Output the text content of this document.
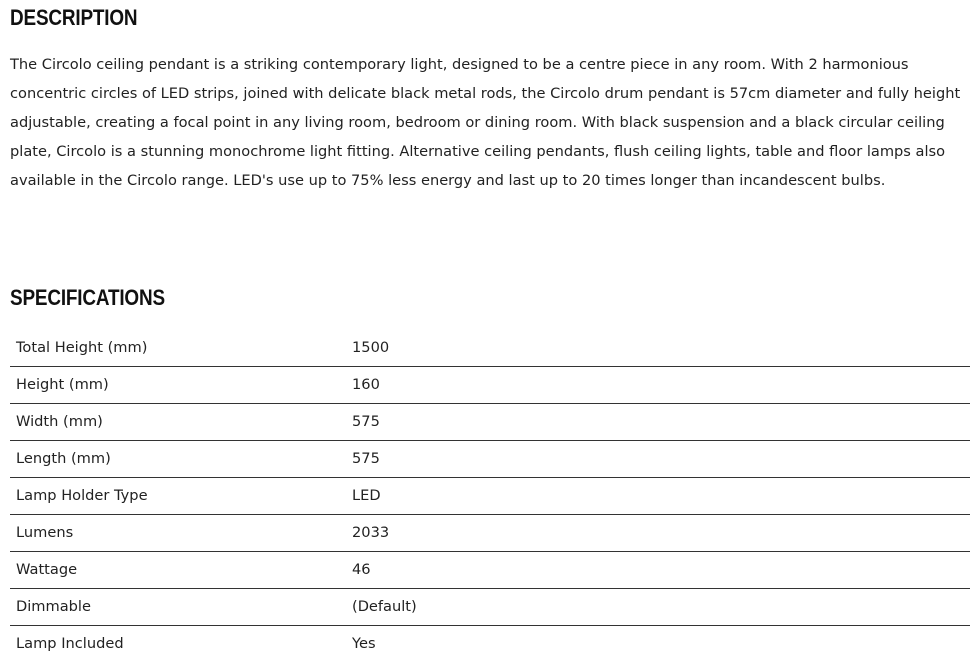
DESCRIPTION

The Circolo ceiling pendant is a striking contemporary light, designed to be a centre piece in any room. With 2 harmonious concentric circles of LED strips, joined with delicate black metal rods, the Circolo drum pendant is 57cm diameter and fully height adjustable, creating a focal point in any living room, bedroom or dining room. With black suspension and a black circular ceiling plate, Circolo is a stunning monochrome light fitting. Alternative ceiling pendants, flush ceiling lights, table and floor lamps also available in the Circolo range. LED's use up to 75% less energy and last up to 20 times longer than incandescent bulbs.

SPECIFICATIONS
Total Height (mm)	1500
Height (mm)	160
Width (mm)	575
Length (mm)	575
Lamp Holder Type	LED
Lumens	2033
Wattage	46
Dimmable	(Default)
Lamp Included	Yes
